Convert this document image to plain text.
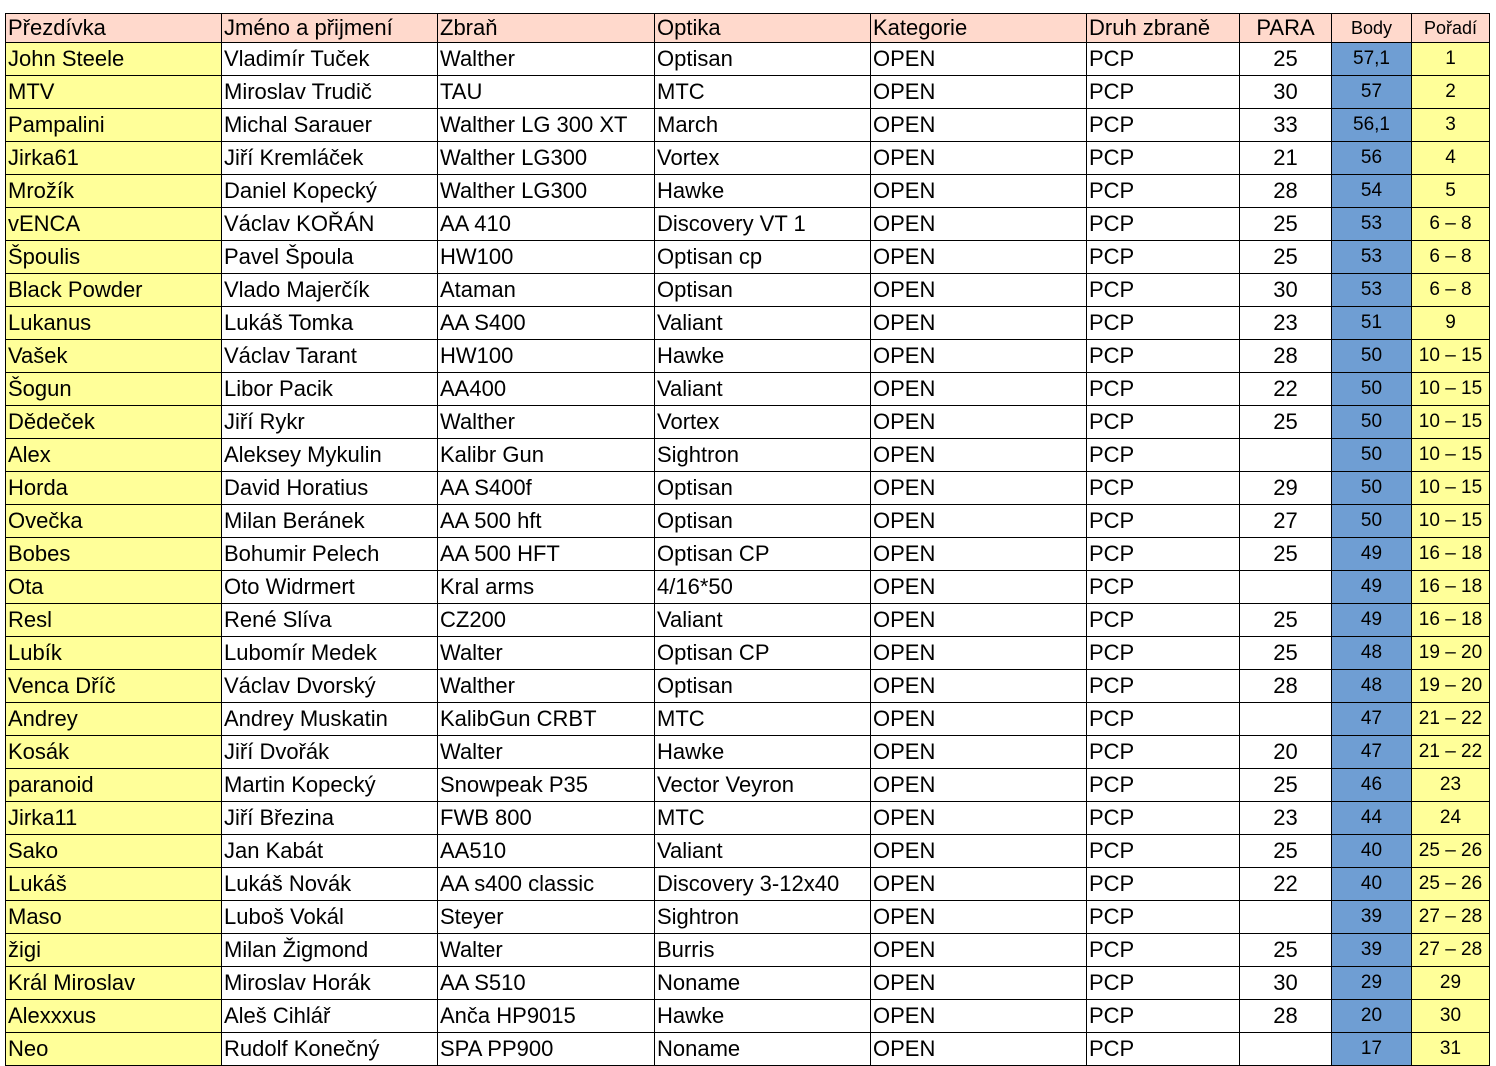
Přezdívka	Jméno a přijmení	Zbraň	Optika	Kategorie	Druh zbraně	PARA	Body	Pořadí
John Steele	Vladimír Tuček	Walther	Optisan	OPEN	PCP	25	57,1	1
MTV	Miroslav Trudič	TAU	MTC	OPEN	PCP	30	57	2
Pampalini	Michal Sarauer	Walther LG 300 XT	March	OPEN	PCP	33	56,1	3
Jirka61	Jiří Kremláček	Walther LG300	Vortex	OPEN	PCP	21	56	4
Mrožík	Daniel Kopecký	Walther LG300	Hawke	OPEN	PCP	28	54	5
vENCA	Václav KOŘÁN	AA 410	Discovery VT 1	OPEN	PCP	25	53	6 – 8
Špoulis	Pavel Špoula	HW100	Optisan cp	OPEN	PCP	25	53	6 – 8
Black Powder	Vlado Majerčík	Ataman	Optisan	OPEN	PCP	30	53	6 – 8
Lukanus	Lukáš Tomka	AA S400	Valiant	OPEN	PCP	23	51	9
Vašek	Václav Tarant	HW100	Hawke	OPEN	PCP	28	50	10 – 15
Šogun	Libor Pacik	AA400	Valiant	OPEN	PCP	22	50	10 – 15
Dědeček	Jiří Rykr	Walther	Vortex	OPEN	PCP	25	50	10 – 15
Alex	Aleksey Mykulin	Kalibr Gun	Sightron	OPEN	PCP		50	10 – 15
Horda	David Horatius	AA S400f	Optisan	OPEN	PCP	29	50	10 – 15
Ovečka	Milan Beránek	AA 500 hft	Optisan	OPEN	PCP	27	50	10 – 15
Bobes	Bohumir Pelech	AA 500 HFT	Optisan CP	OPEN	PCP	25	49	16 – 18
Ota	Oto Widrmert	Kral arms	4/16*50	OPEN	PCP		49	16 – 18
Resl	René Slíva	CZ200	Valiant	OPEN	PCP	25	49	16 – 18
Lubík	Lubomír Medek	Walter	Optisan CP	OPEN	PCP	25	48	19 – 20
Venca Dříč	Václav Dvorský	Walther	Optisan	OPEN	PCP	28	48	19 – 20
Andrey	Andrey Muskatin	KalibGun CRBT	MTC	OPEN	PCP		47	21 – 22
Kosák	Jiří Dvořák	Walter	Hawke	OPEN	PCP	20	47	21 – 22
paranoid	Martin Kopecký	Snowpeak P35	Vector Veyron	OPEN	PCP	25	46	23
Jirka11	Jiří Březina	FWB 800	MTC	OPEN	PCP	23	44	24
Sako	Jan Kabát	AA510	Valiant	OPEN	PCP	25	40	25 – 26
Lukáš	Lukáš Novák	AA s400 classic	Discovery 3-12x40	OPEN	PCP	22	40	25 – 26
Maso	Luboš Vokál	Steyer	Sightron	OPEN	PCP		39	27 – 28
žigi	Milan Žigmond	Walter	Burris	OPEN	PCP	25	39	27 – 28
Král Miroslav	Miroslav Horák	AA S510	Noname	OPEN	PCP	30	29	29
Alexxxus	Aleš Cihlář	Anča HP9015	Hawke	OPEN	PCP	28	20	30
Neo	Rudolf Konečný	SPA PP900	Noname	OPEN	PCP		17	31
